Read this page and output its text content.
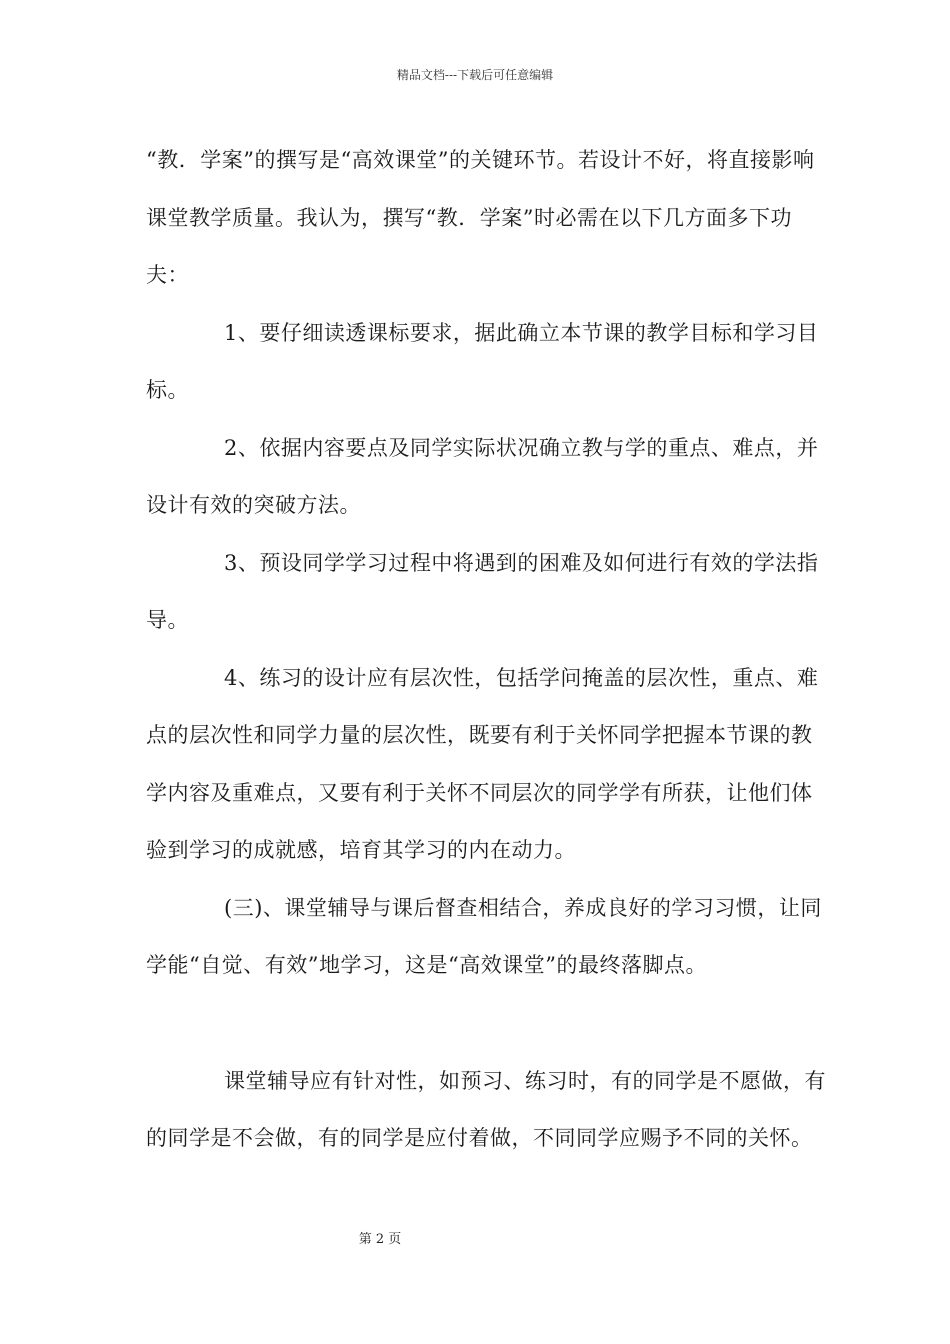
精品文档---下载后可任意编辑

“教．学案”的撰写是“高效课堂”的关键环节。若设计不好，将直接影响课堂教学质量。我认为，撰写“教．学案”时必需在以下几方面多下功夫：

1、要仔细读透课标要求，据此确立本节课的教学目标和学习目标。

2、依据内容要点及同学实际状况确立教与学的重点、难点，并设计有效的突破方法。

3、预设同学学习过程中将遇到的困难及如何进行有效的学法指导。

4、练习的设计应有层次性，包括学问掩盖的层次性，重点、难点的层次性和同学力量的层次性，既要有利于关怀同学把握本节课的教学内容及重难点，又要有利于关怀不同层次的同学学有所获，让他们体验到学习的成就感，培育其学习的内在动力。

(三)、课堂辅导与课后督查相结合，养成良好的学习习惯，让同学能“自觉、有效”地学习，这是“高效课堂”的最终落脚点。

课堂辅导应有针对性，如预习、练习时，有的同学是不愿做，有的同学是不会做，有的同学是应付着做，不同同学应赐予不同的关怀。

第 2 页
